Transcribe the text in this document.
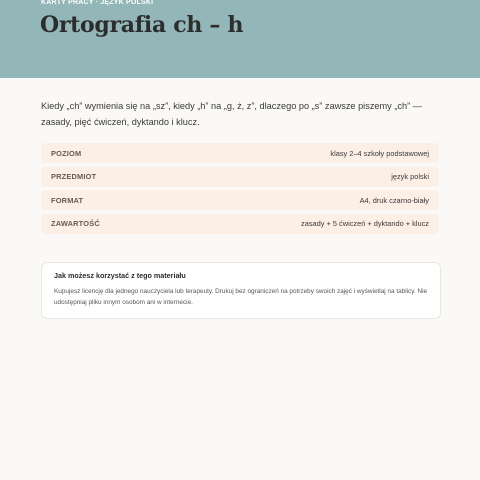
KARTY PRACY · JĘZYK POLSKI
Ortografia ch – h

Kiedy „ch” wymienia się na „sz”, kiedy „h” na „g, ż, z”, dlaczego po „s” zawsze piszemy „ch” — zasady, pięć ćwiczeń, dyktando i klucz.

POZIOM	klasy 2–4 szkoły podstawowej
PRZEDMIOT	język polski
FORMAT	A4, druk czarno-biały
ZAWARTOŚĆ	zasady + 5 ćwiczeń + dyktando + klucz

Jak możesz korzystać z tego materiału

Kupujesz licencję dla jednego nauczyciela lub terapeuty. Drukuj bez ograniczeń na potrzeby swoich zajęć i wyświetlaj na tablicy. Nie udostępniaj pliku innym osobom ani w internecie.
